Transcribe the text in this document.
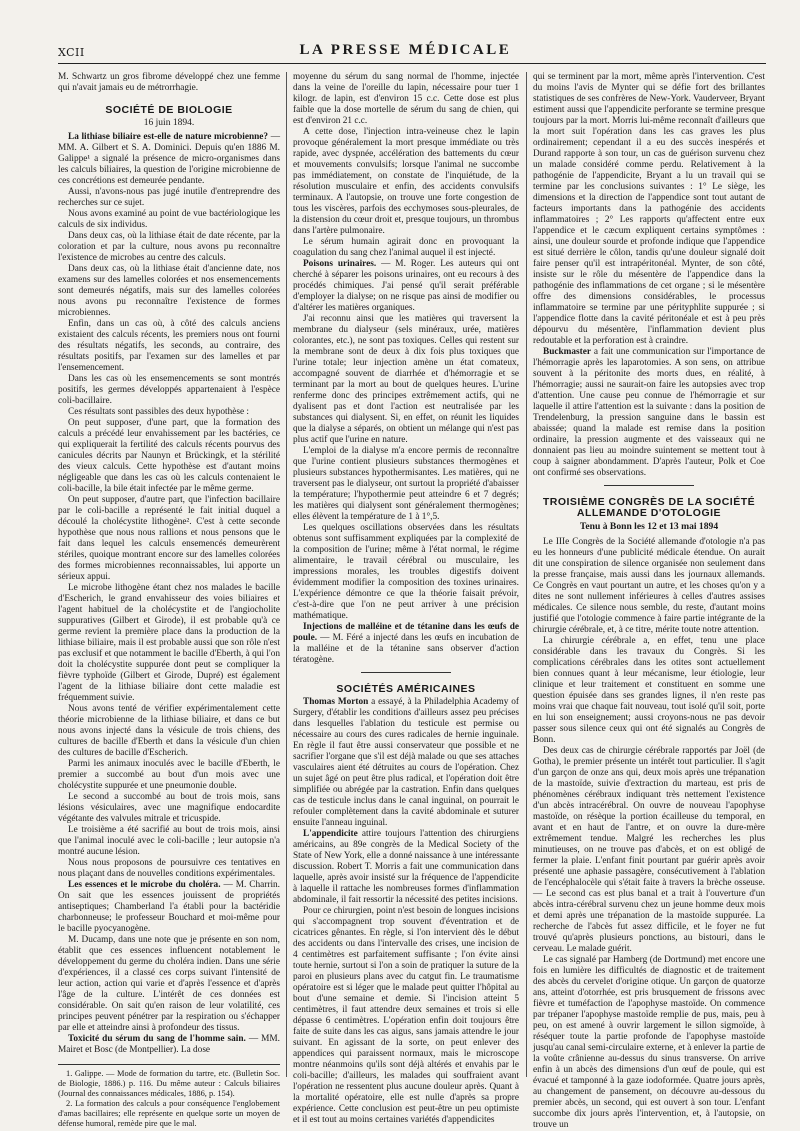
XCII	LA PRESSE MÉDICALE

M. Schwartz un gros fibrome développé chez une femme qui n'avait jamais eu de métrorrhagie.

SOCIÉTÉ DE BIOLOGIE
16 juin 1894.

La lithiase biliaire est-elle de nature microbienne? — MM. A. Gilbert et S. A. Dominici. Depuis qu'en 1886 M. Galippe¹ a signalé la présence de micro-organismes dans les calculs biliaires, la question de l'origine microbienne de ces concrétions est demeurée pendante.

Aussi, n'avons-nous pas jugé inutile d'entreprendre des recherches sur ce sujet.

Nous avons examiné au point de vue bactériologique les calculs de six individus.

Dans deux cas, où la lithiase était de date récente, par la coloration et par la culture, nous avons pu reconnaître l'existence de microbes au centre des calculs.

Dans deux cas, où la lithiase était d'ancienne date, nos examens sur des lamelles colorées et nos ensemencements sont demeurés négatifs, mais sur des lamelles colorées nous avons pu reconnaître l'existence de formes microbiennes.

Enfin, dans un cas où, à côté des calculs anciens existaient des calculs récents, les premiers nous ont fourni des résultats négatifs, les seconds, au contraire, des résultats positifs, par l'examen sur des lamelles et par l'ensemencement.

Dans les cas où les ensemencements se sont montrés positifs, les germes développés appartenaient à l'espèce coli-bacillaire.

Ces résultats sont passibles des deux hypothèse :

On peut supposer, d'une part, que la formation des calculs a précédé leur envahissement par les bactéries, ce qui expliquerait la fertilité des calculs récents pourvus des canicules décrits par Naunyn et Brückingk, et la stérilité des vieux calculs. Cette hypothèse est d'autant moins négligeable que dans les cas où les calculs contenaient le coli-bacille, la bile était infectée par le même germe.

On peut supposer, d'autre part, que l'infection bacillaire par le coli-bacille a représenté le fait initial duquel a découlé la cholécystite lithogène². C'est à cette seconde hypothèse que nous nous rallions et nous pensons que le fait dans lequel les calculs ensemencés demeurèrent stériles, quoique montrant encore sur des lamelles colorées des formes microbiennes reconnaissables, lui apporte un sérieux appui.

Le microbe lithogène étant chez nos malades le bacille d'Escherich, le grand envahisseur des voies biliaires et l'agent habituel de la cholécystite et de l'angiocholite suppuratives (Gilbert et Girode), il est probable qu'à ce germe revient la première place dans la production de la lithiase biliaire, mais il est probable aussi que son rôle n'est pas exclusif et que notamment le bacille d'Eberth, à qui l'on doit la cholécystite suppurée dont peut se compliquer la fièvre typhoïde (Gilbert et Girode, Dupré) est également l'agent de la lithiase biliaire dont cette maladie est fréquemment suivie.

Nous avons tenté de vérifier expérimentalement cette théorie microbienne de la lithiase biliaire, et dans ce but nous avons injecté dans la vésicule de trois chiens, des cultures de bacille d'Eberth et dans la vésicule d'un chien des cultures de bacille d'Escherich.

Parmi les animaux inoculés avec le bacille d'Eberth, le premier a succombé au bout d'un mois avec une cholécystite suppurée et une pneumonie double.

Le second a succombé au bout de trois mois, sans lésions vésiculaires, avec une magnifique endocardite végétante des valvules mitrale et tricuspide.

Le troisième a été sacrifié au bout de trois mois, ainsi que l'animal inoculé avec le coli-bacille ; leur autopsie n'a montré aucune lésion.

Nous nous proposons de poursuivre ces tentatives en nous plaçant dans de nouvelles conditions expérimentales.

Les essences et le microbe du choléra. — M. Charrin. On sait que les essences jouissent de propriétés antiseptiques; Chamberland l'a établi pour la bactéridie charbonneuse; le professeur Bouchard et moi-même pour le bacille pyocyanogène.

M. Ducamp, dans une note que je présente en son nom, établit que ces essences influencent notablement le développement du germe du choléra indien. Dans une série d'expériences, il a classé ces corps suivant l'intensité de leur action, action qui varie et d'après l'essence et d'après l'âge de la culture. L'intérêt de ces données est considérable. On sait qu'en raison de leur volatilité, ces principes peuvent pénétrer par la respiration ou s'échapper par elle et atteindre ainsi à profondeur des tissus.

Toxicité du sérum du sang de l'homme sain. — MM. Mairet et Bosc (de Montpellier). La dose

1. Galippe. — Mode de formation du tartre, etc. (Bulletin Soc. de Biologie, 1886.) p. 116. Du même auteur : Calculs biliaires (Journal des connaissances médicales, 1886, p. 154).

2. La formation des calculs a pour conséquence l'englobement d'amas bacillaires; elle représente en quelque sorte un moyen de défense humoral, remède pire que le mal.

moyenne du sérum du sang normal de l'homme, injectée dans la veine de l'oreille du lapin, nécessaire pour tuer 1 kilogr. de lapin, est d'environ 15 c.c. Cette dose est plus faible que la dose mortelle de sérum du sang de chien, qui est d'environ 21 c.c.

A cette dose, l'injection intra-veineuse chez le lapin provoque généralement la mort presque immédiate ou très rapide, avec dyspnée, accélération des battements du cœur et mouvements convulsifs; lorsque l'animal ne succombe pas immédiatement, on constate de l'inquiétude, de la résolution musculaire et enfin, des accidents convulsifs terminaux. A l'autopsie, on trouve une forte congestion de tous les viscères, parfois des ecchymoses sous-pleurales, de la distension du cœur droit et, presque toujours, un thrombus dans l'artère pulmonaire.

Le sérum humain agirait donc en provoquant la coagulation du sang chez l'animal auquel il est injecté.

Poisons urinaires. — M. Roger. Les auteurs qui ont cherché à séparer les poisons urinaires, ont eu recours à des procédés chimiques. J'ai pensé qu'il serait préférable d'employer la dialyse; on ne risque pas ainsi de modifier ou d'altérer les matières organiques.

J'ai reconnu ainsi que les matières qui traversent la membrane du dialyseur (sels minéraux, urée, matières colorantes, etc.), ne sont pas toxiques. Celles qui restent sur la membrane sont de deux à dix fois plus toxiques que l'urine totale; leur injection amène un état comateux, accompagné souvent de diarrhée et d'hémorragie et se terminant par la mort au bout de quelques heures. L'urine renferme donc des principes extrêmement actifs, qui ne dyalisent pas et dont l'action est neutralisée par les substances qui dialysent. Si, en effet, on réunit les liquides que la dialyse a séparés, on obtient un mélange qui n'est pas plus actif que l'urine en nature.

L'emploi de la dialyse m'a encore permis de reconnaître que l'urine contient plusieurs substances thermogènes et plusieurs substances hypothermisantes. Les matières, qui ne traversent pas le dialyseur, ont surtout la propriété d'abaisser la température; l'hypothermie peut atteindre 6 et 7 degrés; les matières qui dialysent sont généralement thermogènes; elles élèvent la température de 1 à 1°,5.

Les quelques oscillations observées dans les résultats obtenus sont suffisamment expliquées par la complexité de la composition de l'urine; même à l'état normal, le régime alimentaire, le travail cérébral ou musculaire, les impressions morales, les troubles digestifs doivent évidemment modifier la composition des toxines urinaires. L'expérience démontre ce que la théorie faisait prévoir, c'est-à-dire que l'on ne peut arriver à une précision mathématique.

Injections de malléine et de tétanine dans les œufs de poule. — M. Féré a injecté dans les œufs en incubation de la malléine et de la tétanine sans observer d'action tératogène.

SOCIÉTÉS AMÉRICAINES

Thomas Morton a essayé, à la Philadelphia Academy of Surgery, d'établir les conditions d'ailleurs assez peu précises dans lesquelles l'ablation du testicule est permise ou nécessaire au cours des cures radicales de hernie inguinale. En règle il faut être aussi conservateur que possible et ne sacrifier l'organe que s'il est déjà malade ou que ses attaches vasculaires aient été détruites au cours de l'opération. Chez un sujet âgé on peut être plus radical, et l'opération doit être simplifiée ou abrégée par la castration. Enfin dans quelques cas de testicule inclus dans le canal inguinal, on pourrait le refouler complètement dans la cavité abdominale et suturer ensuite l'anneau inguinal.

L'appendicite attire toujours l'attention des chirurgiens américains, au 89e congrès de la Medical Society of the State of New York, elle a donné naissance à une intéressante discussion. Robert T. Morris a fait une communication dans laquelle, après avoir insisté sur la fréquence de l'appendicite à laquelle il rattache les nombreuses formes d'inflammation abdominale, il fait ressortir la nécessité des petites incisions.

Pour ce chirurgien, point n'est besoin de longues incisions qui s'accompagnent trop souvent d'éventration et de cicatrices gênantes. En règle, si l'on intervient dès le début des accidents ou dans l'intervalle des crises, une incision de 4 centimètres est parfaitement suffisante ; l'on évite ainsi toute hernie, surtout si l'on a soin de pratiquer la suture de la paroi en plusieurs plans avec du catgut fin. Le traumatisme opératoire est si léger que le malade peut quitter l'hôpital au bout d'une semaine et demie. Si l'incision atteint 5 centimètres, il faut attendre deux semaines et trois si elle dépasse 6 centimètres. L'opération enfin doit toujours être faite de suite dans les cas aigus, sans jamais attendre le jour suivant. En agissant de la sorte, on peut enlever des appendices qui paraissent normaux, mais le microscope montre néanmoins qu'ils sont déjà altérés et envahis par le coli-bacille; d'ailleurs, les malades qui souffraient avant l'opération ne ressentent plus aucune douleur après. Quant à la mortalité opératoire, elle est nulle d'après sa propre expérience. Cette conclusion est peut-être un peu optimiste et il est tout au moins certaines variétés d'appendicites

qui se terminent par la mort, même après l'intervention. C'est du moins l'avis de Mynter qui se défie fort des brillantes statistiques de ses confrères de New-York. Vauderveer, Bryant estiment aussi que l'appendicite perforante se termine presque toujours par la mort. Morris lui-même reconnaît d'ailleurs que la mort suit l'opération dans les cas graves les plus ordinairement; cependant il a eu des succès inespérés et Durand rapporte à son tour, un cas de guérison survenu chez un malade considéré comme perdu. Relativement à la pathogénie de l'appendicite, Bryant a lu un travail qui se termine par les conclusions suivantes : 1° Le siège, les dimensions et la direction de l'appendice sont tout autant de facteurs importants dans la pathogénie des accidents inflammatoires ; 2° Les rapports qu'affectent entre eux l'appendice et le cæcum expliquent certains symptômes : ainsi, une douleur sourde et profonde indique que l'appendice est situé derrière le côlon, tandis qu'une douleur signalé doit faire penser qu'il est intrapéritonéal. Mynter, de son côté, insiste sur le rôle du mésentère de l'appendice dans la pathogénie des inflammations de cet organe ; si le mésentère offre des dimensions considérables, le processus inflammatoire se termine par une pérityphlite suppurée ; si l'appendice flotte dans la cavité péritonéale et est à peu près dépourvu du mésentère, l'inflammation devient plus redoutable et la perforation est à craindre.

Buckmaster a fait une communication sur l'importance de l'hémorragie après les laparotomies. A son sens, on attribue souvent à la péritonite des morts dues, en réalité, à l'hémorragie; aussi ne saurait-on faire les autopsies avec trop d'attention. Une cause peu connue de l'hémorragie et sur laquelle il attire l'attention est la suivante : dans la position de Trendelenburg, la pression sanguine dans le bassin est abaissée; quand la malade est remise dans la position ordinaire, la pression augmente et des vaisseaux qui ne donnaient pas lieu au moindre suintement se mettent tout à coup à saigner abondamment. D'après l'auteur, Polk et Coe ont confirmé ses observations.

TROISIÈME CONGRÈS DE LA SOCIÉTÉ ALLEMANDE D'OTOLOGIE
Tenu à Bonn les 12 et 13 mai 1894

Le IIIe Congrès de la Société allemande d'otologie n'a pas eu les honneurs d'une publicité médicale étendue. On aurait dit une conspiration de silence organisée non seulement dans la presse française, mais aussi dans les journaux allemands. Ce Congrès en vaut pourtant un autre, et les choses qu'on y a dites ne sont nullement inférieures à celles d'autres assises médicales. Ce silence nous semble, du reste, d'autant moins justifié que l'otologie commence à faire partie intégrante de la chirurgie cérébrale, et, à ce titre, mérite toute notre attention.

La chirurgie cérébrale a, en effet, tenu une place considérable dans les travaux du Congrès. Si les complications cérébrales dans les otites sont actuellement bien connues quant à leur mécanisme, leur étiologie, leur clinique et leur traitement et constituent en somme une question épuisée dans ses grandes lignes, il n'en reste pas moins vrai que chaque fait nouveau, tout isolé qu'il soit, porte en lui son enseignement; aussi croyons-nous ne pas devoir passer sous silence ceux qui ont été signalés au Congrès de Bonn.

Des deux cas de chirurgie cérébrale rapportés par Joël (de Gotha), le premier présente un intérêt tout particulier. Il s'agit d'un garçon de onze ans qui, deux mois après une trépanation de la mastoïde, suivie d'extraction du marteau, est pris de phénomènes cérébraux indiquant très nettement l'existence d'un abcès intracérébral. On ouvre de nouveau l'apophyse mastoïde, on résèque la portion écailleuse du temporal, en avant et en haut de l'antre, et on ouvre la dure-mère extrêmement tendue. Malgré les recherches les plus minutieuses, on ne trouve pas d'abcès, et on est obligé de fermer la plaie. L'enfant finit pourtant par guérir après avoir présenté une aphasie passagère, consécutivement à l'ablation de l'encéphalocèle qui s'était faite à travers la brèche osseuse. — Le second cas est plus banal et a trait à l'ouverture d'un abcès intra-cérébral survenu chez un jeune homme deux mois et demi après une trépanation de la mastoïde suppurée. La recherche de l'abcès fut assez difficile, et le foyer ne fut trouvé qu'après plusieurs ponctions, au bistouri, dans le cerveau. Le malade guérit.

Le cas signalé par Hamberg (de Dortmund) met encore une fois en lumière les difficultés de diagnostic et de traitement des abcès du cervelet d'origine otique. Un garçon de quatorze ans, atteint d'otorrhée, est pris brusquement de frissons avec fièvre et tuméfaction de l'apophyse mastoïde. On commence par trépaner l'apophyse mastoïde remplie de pus, mais, peu à peu, on est amené à ouvrir largement le sillon sigmoïde, à réséquer toute la partie profonde de l'apophyse mastoïde jusqu'au canal semi-circulaire externe, et à enlever la partie de la voûte crânienne au-dessus du sinus transverse. On arrive enfin à un abcès des dimensions d'un œuf de poule, qui est évacué et tamponné à la gaze iodoformée. Quatre jours après, au changement de pansement, on découvre au-dessous du premier abcès, un second, qui est ouvert à son tour. L'enfant succombe dix jours après l'intervention, et, à l'autopsie, on trouve un
